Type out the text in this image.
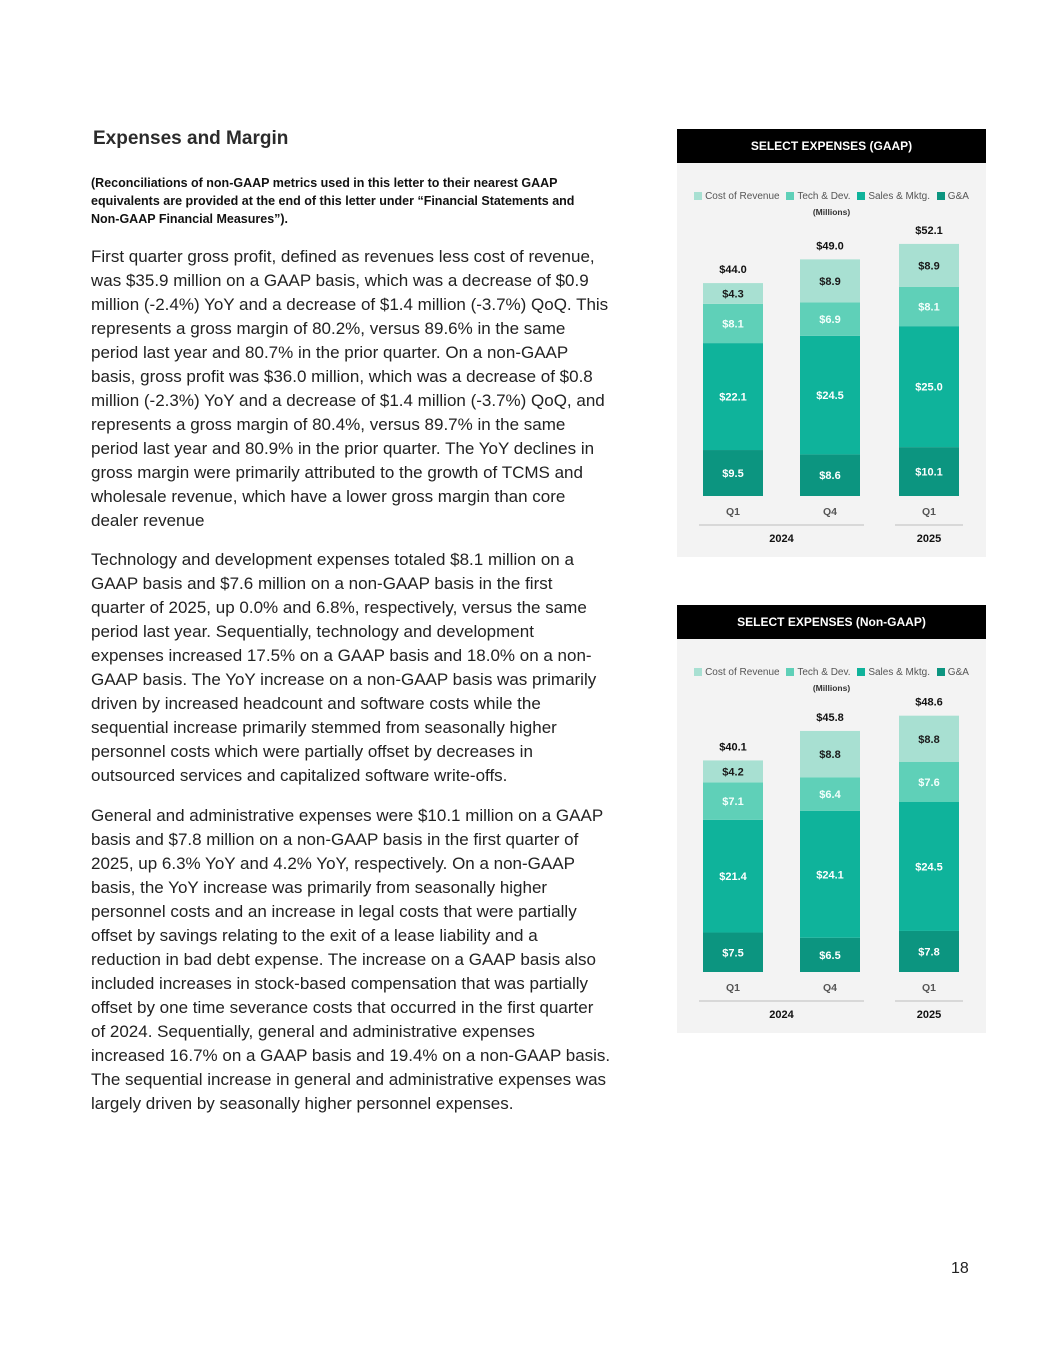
Expenses and Margin

(Reconciliations of non-GAAP metrics used in this letter to their nearest GAAP equivalents are provided at the end of this letter under “Financial Statements and Non-GAAP Financial Measures”).

First quarter gross profit, defined as revenues less cost of revenue, was $35.9 million on a GAAP basis, which was a decrease of $0.9 million (-2.4%) YoY and a decrease of $1.4 million (-3.7%) QoQ. This represents a gross margin of 80.2%, versus 89.6% in the same period last year and 80.7% in the prior quarter. On a non-GAAP basis, gross profit was $36.0 million, which was a decrease of $0.8 million (-2.3%) YoY and a decrease of $1.4 million (-3.7%) QoQ, and represents a gross margin of 80.4%, versus 89.7% in the same period last year and 80.9% in the prior quarter. The YoY declines in gross margin were primarily attributed to the growth of TCMS and wholesale revenue, which have a lower gross margin than core dealer revenue

Technology and development expenses totaled $8.1 million on a GAAP basis and $7.6 million on a non-GAAP basis in the first quarter of 2025, up 0.0% and 6.8%, respectively, versus the same period last year. Sequentially, technology and development expenses increased 17.5% on a GAAP basis and 18.0% on a non-GAAP basis. The YoY increase on a non-GAAP basis was primarily driven by increased headcount and software costs while the sequential increase primarily stemmed from seasonally higher personnel costs which were partially offset by decreases in outsourced services and capitalized software write-offs.

General and administrative expenses were $10.1 million on a GAAP basis and $7.8 million on a non-GAAP basis in the first quarter of 2025, up 6.3% YoY and 4.2% YoY, respectively. On a non-GAAP basis, the YoY increase was primarily from seasonally higher personnel costs and an increase in legal costs that were partially offset by savings relating to the exit of a lease liability and a reduction in bad debt expense. The increase on a GAAP basis also included increases in stock-based compensation that was partially offset by one time severance costs that occurred in the first quarter of 2024. Sequentially, general and administrative expenses increased 16.7% on a GAAP basis and 19.4% on a non-GAAP basis. The sequential increase in general and administrative expenses was largely driven by seasonally higher personnel expenses.

SELECT EXPENSES (GAAP)
Cost of Revenue Tech & Dev. Sales & Mktg. G&A
(Millions)
$9.5
$22.1
$8.1
$4.3
$44.0
Q1
$8.6
$24.5
$6.9
$8.9
$49.0
Q4
$10.1
$25.0
$8.1
$8.9
$52.1
Q1
2024	2025
SELECT EXPENSES (Non-GAAP)
Cost of Revenue Tech & Dev. Sales & Mktg. G&A
(Millions)
$7.5
$21.4
$7.1
$4.2
$40.1
Q1
$6.5
$24.1
$6.4
$8.8
$45.8
Q4
$7.8
$24.5
$7.6
$8.8
$48.6
Q1
2024	2025
18
